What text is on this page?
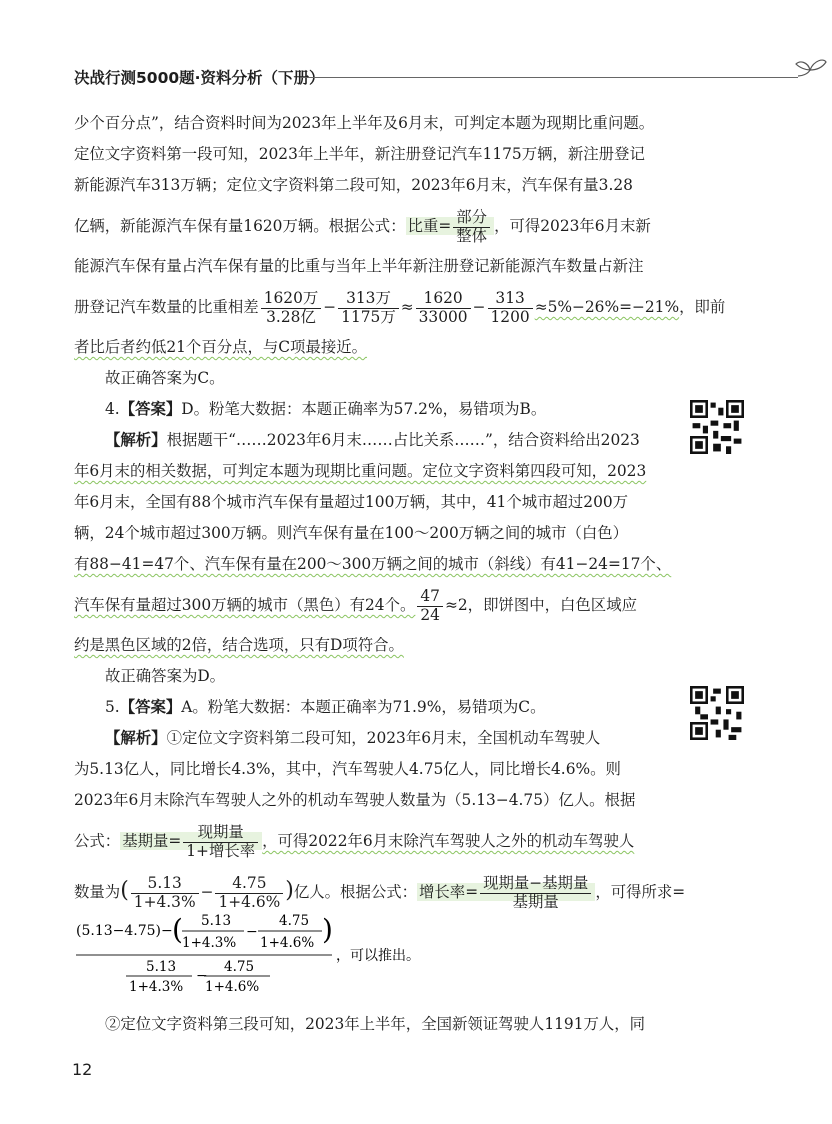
决战行测5000题·资料分析（下册）
少个百分点”，结合资料时间为2023年上半年及6月末，可判定本题为现期比重问题。
定位文字资料第一段可知，2023年上半年，新注册登记汽车1175万辆，新注册登记
新能源汽车313万辆；定位文字资料第二段可知，2023年6月末，汽车保有量3.28
亿辆，新能源汽车保有量1620万辆。根据公式： 比重= $\frac{\text{部分}}{\text{整体}}$ ，可得2023年6月末新
能源汽车保有量占汽车保有量的比重与当年上半年新注册登记新能源汽车数量占新注
册登记汽车数量的比重相差 $\frac{\text{1620万}}{\text{3.28亿}} - \frac{\text{313万}}{\text{1175万}} \approx \frac{1620}{33000} - \frac{313}{1200} \approx 5\%-26\%=-21\%$，即前
者比后者约低21个百分点，与C项最接近。
故正确答案为C。
4.【答案】D。粉笔大数据：本题正确率为57.2%，易错项为B。
【解析】根据题干“……2023年6月末……占比关系……”，结合资料给出2023
年6月末的相关数据，可判定本题为现期比重问题。定位文字资料第四段可知，2023
年6月末，全国有88个城市汽车保有量超过100万辆，其中，41个城市超过200万
辆，24个城市超过300万辆。则汽车保有量在100～200万辆之间的城市（白色）
有88−41=47个、汽车保有量在200～300万辆之间的城市（斜线）有41−24=17个、
汽车保有量超过300万辆的城市（黑色）有24个。 $\frac{47}{24} \approx 2$，即饼图中，白色区域应
约是黑色区域的2倍，结合选项，只有D项符合。
故正确答案为D。
5.【答案】A。粉笔大数据：本题正确率为71.9%，易错项为C。
【解析】①定位文字资料第二段可知，2023年6月末，全国机动车驾驶人
为5.13亿人，同比增长4.3%，其中，汽车驾驶人4.75亿人，同比增长4.6%。则
2023年6月末除汽车驾驶人之外的机动车驾驶人数量为（5.13−4.75）亿人。根据
公式： 基期量= $\frac{\text{现期量}}{\text{1+增长率}}$ ，可得2022年6月末除汽车驾驶人之外的机动车驾驶人
数量为( $\frac{5.13}{1+4.3\%} - \frac{4.75}{1+4.6\%}$ )亿人。根据公式： 增长率= $\frac{\text{现期量−基期量}}{\text{基期量}}$ ，可得所求=
(5.13−4.75)− ( 5.13
1+4.3%
−
4.75
1+4.6% )
5.13
1+4.3%
−
4.75
1+4.6%
，可以推出。
②定位文字资料第三段可知，2023年上半年，全国新领证驾驶人1191万人，同
12
